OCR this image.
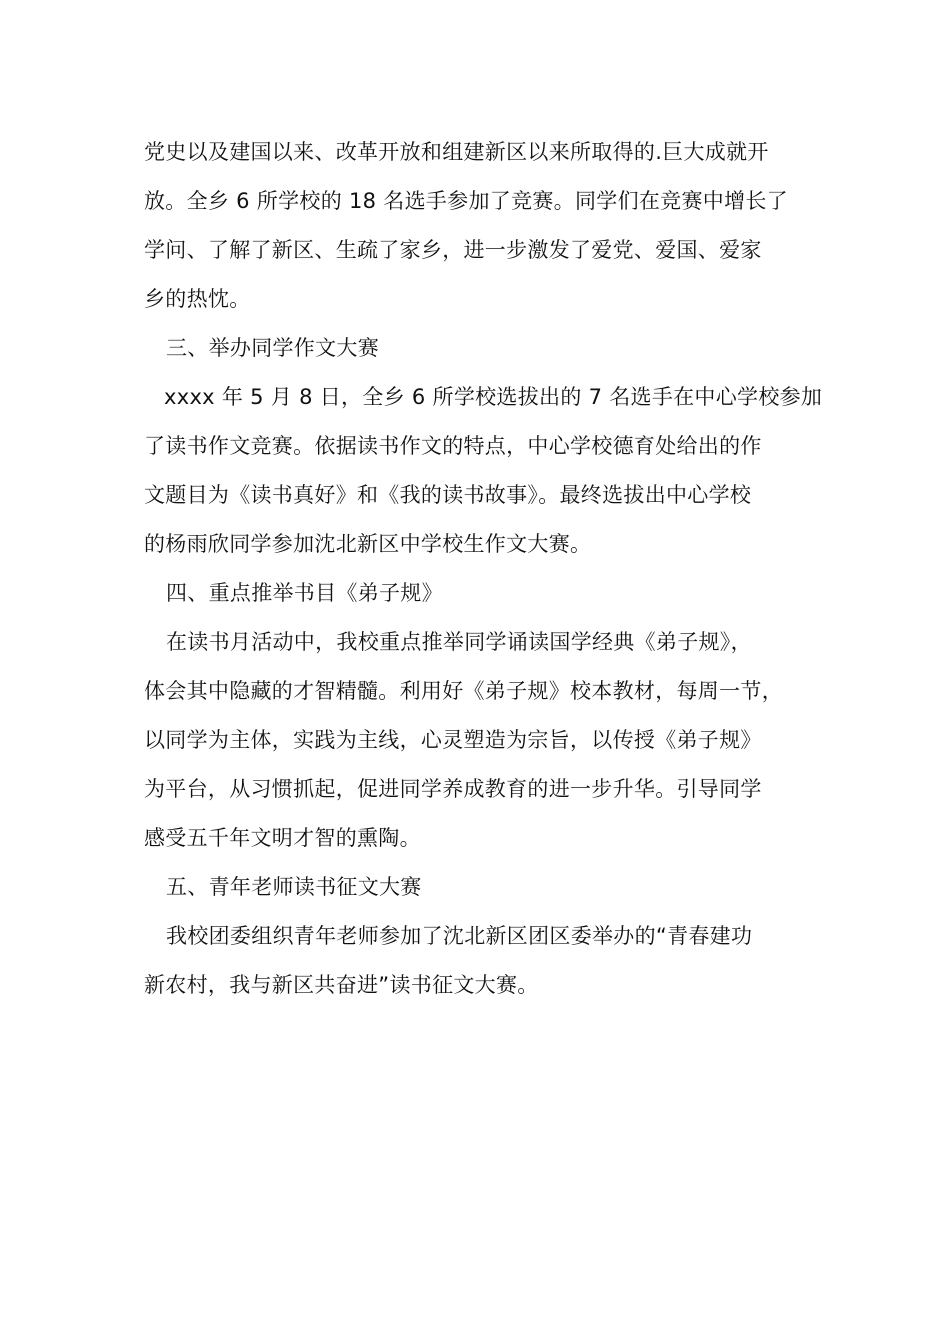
党史以及建国以来、改革开放和组建新区以来所取得的.巨大成就开
放。全乡 6 所学校的 18 名选手参加了竞赛。同学们在竞赛中增长了
学问、了解了新区、生疏了家乡，进一步激发了爱党、爱国、爱家
乡的热忱。
三、举办同学作文大赛
xxxx 年 5 月 8 日，全乡 6 所学校选拔出的 7 名选手在中心学校参加
了读书作文竞赛。依据读书作文的特点，中心学校德育处给出的作
文题目为《读书真好》和《我的读书故事》。最终选拔出中心学校
的杨雨欣同学参加沈北新区中学校生作文大赛。
四、重点推举书目《弟子规》
在读书月活动中，我校重点推举同学诵读国学经典《弟子规》，
体会其中隐藏的才智精髓。利用好《弟子规》校本教材，每周一节，
以同学为主体，实践为主线，心灵塑造为宗旨，以传授《弟子规》
为平台，从习惯抓起，促进同学养成教育的进一步升华。引导同学
感受五千年文明才智的熏陶。
五、青年老师读书征文大赛
我校团委组织青年老师参加了沈北新区团区委举办的“青春建功
新农村，我与新区共奋进”读书征文大赛。
